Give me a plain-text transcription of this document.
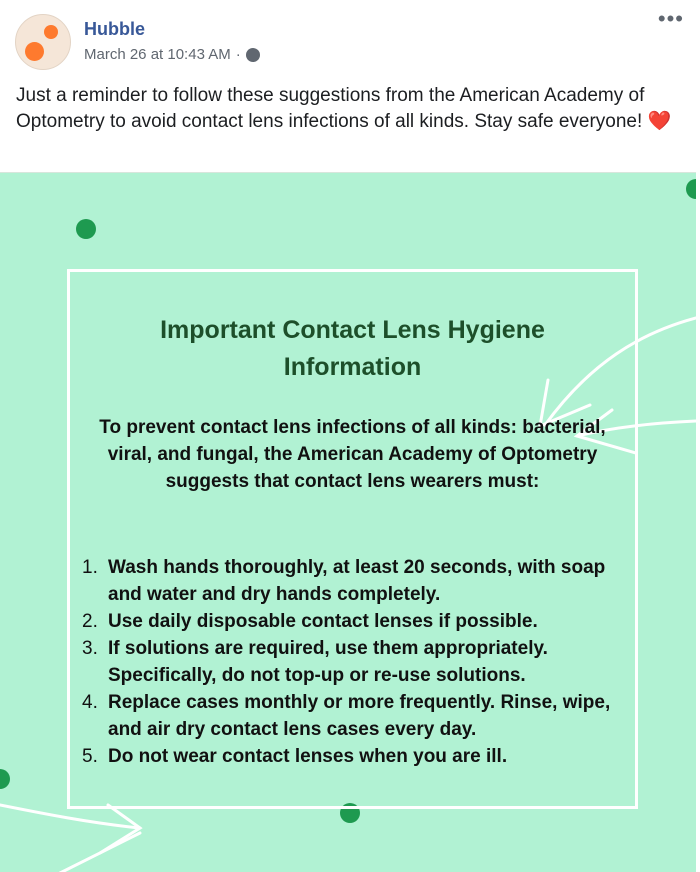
Hubble
March 26 at 10:43 AM ·
•••
Just a reminder to follow these suggestions from the American Academy of Optometry to avoid contact lens infections of all kinds. Stay safe everyone! ❤️
Important Contact Lens Hygiene Information
To prevent contact lens infections of all kinds: bacterial, viral, and fungal, the American Academy of Optometry suggests that contact lens wearers must:
1. Wash hands thoroughly, at least 20 seconds, with soap and water and dry hands completely.
2. Use daily disposable contact lenses if possible.
3. If solutions are required, use them appropriately. Specifically, do not top-up or re-use solutions.
4. Replace cases monthly or more frequently. Rinse, wipe, and air dry contact lens cases every day.
5. Do not wear contact lenses when you are ill.
